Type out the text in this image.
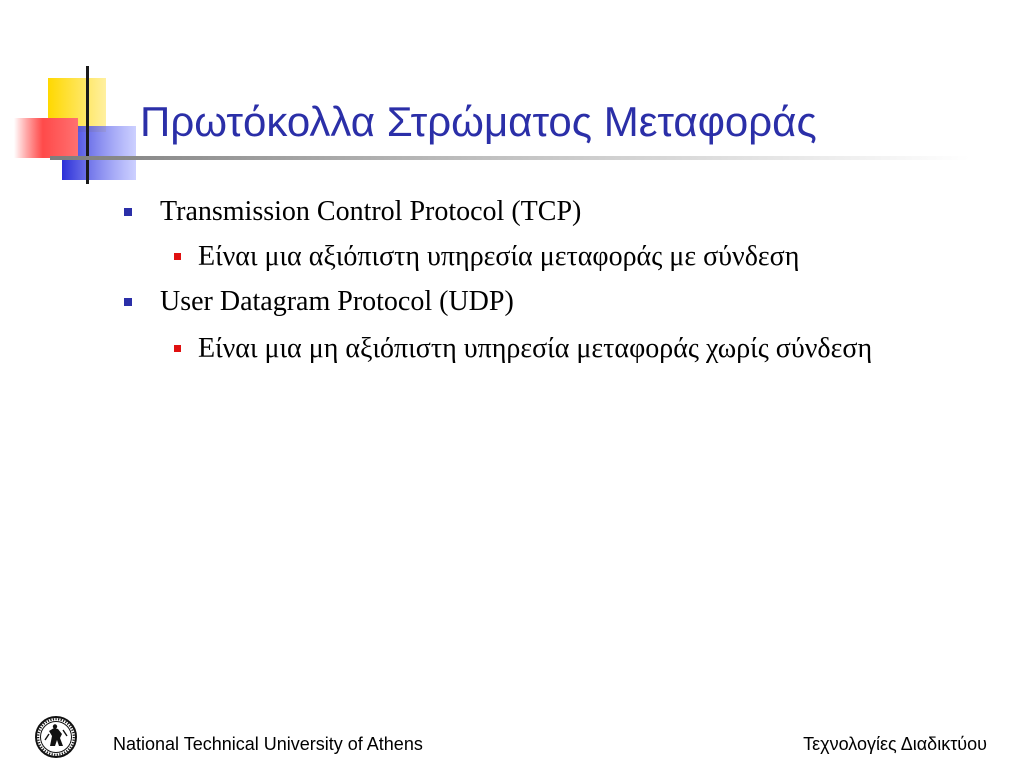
Πρωτόκολλα Στρώματος Μεταφοράς
Transmission Control Protocol (TCP)
Είναι μια αξιόπιστη υπηρεσία μεταφοράς με σύνδεση
User Datagram Protocol (UDP)
Είναι μια μη αξιόπιστη υπηρεσία μεταφοράς χωρίς σύνδεση
National Technical University of Athens	Τεχνολογίες Διαδικτύου
